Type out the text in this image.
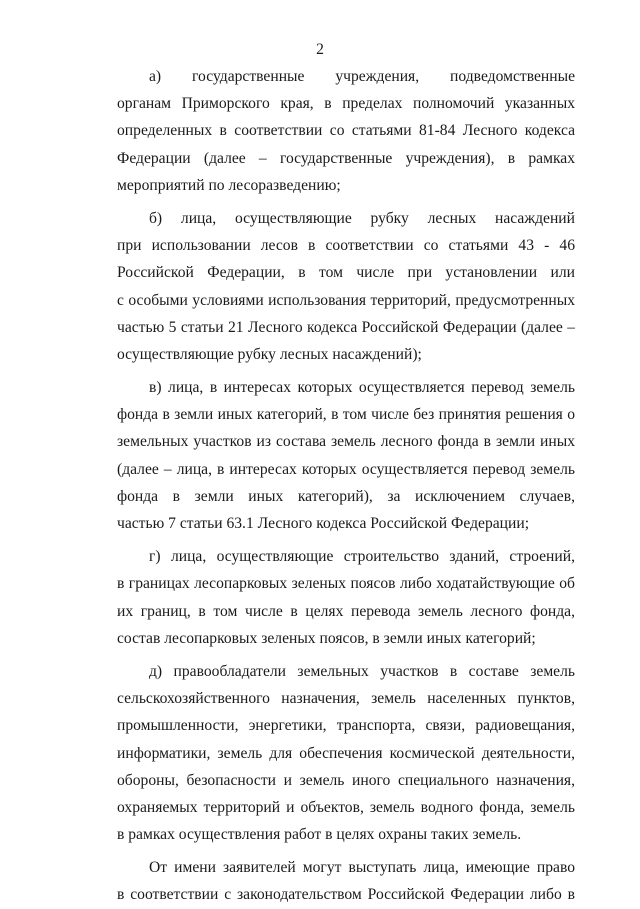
2
а) государственные учреждения, подведомственные
органам Приморского края, в пределах полномочий указанных
определенных в соответствии со статьями 81-84 Лесного кодекса
Федерации (далее – государственные учреждения), в рамках
мероприятий по лесоразведению;
б) лица, осуществляющие рубку лесных насаждений
при использовании лесов в соответствии со статьями 43 - 46
Российской Федерации, в том числе при установлении или
с особыми условиями использования территорий, предусмотренных
частью 5 статьи 21 Лесного кодекса Российской Федерации (далее –
осуществляющие рубку лесных насаждений);
в) лица, в интересах которых осуществляется перевод земель
фонда в земли иных категорий, в том числе без принятия решения о
земельных участков из состава земель лесного фонда в земли иных
(далее – лица, в интересах которых осуществляется перевод земель
фонда в земли иных категорий), за исключением случаев,
частью 7 статьи 63.1 Лесного кодекса Российской Федерации;
г) лица, осуществляющие строительство зданий, строений,
в границах лесопарковых зеленых поясов либо ходатайствующие об
их границ, в том числе в целях перевода земель лесного фонда,
состав лесопарковых зеленых поясов, в земли иных категорий;
д) правообладатели земельных участков в составе земель
сельскохозяйственного назначения, земель населенных пунктов,
промышленности, энергетики, транспорта, связи, радиовещания,
информатики, земель для обеспечения космической деятельности,
обороны, безопасности и земель иного специального назначения,
охраняемых территорий и объектов, земель водного фонда, земель
в рамках осуществления работ в целях охраны таких земель.
От имени заявителей могут выступать лица, имеющие право
в соответствии с законодательством Российской Федерации либо в
